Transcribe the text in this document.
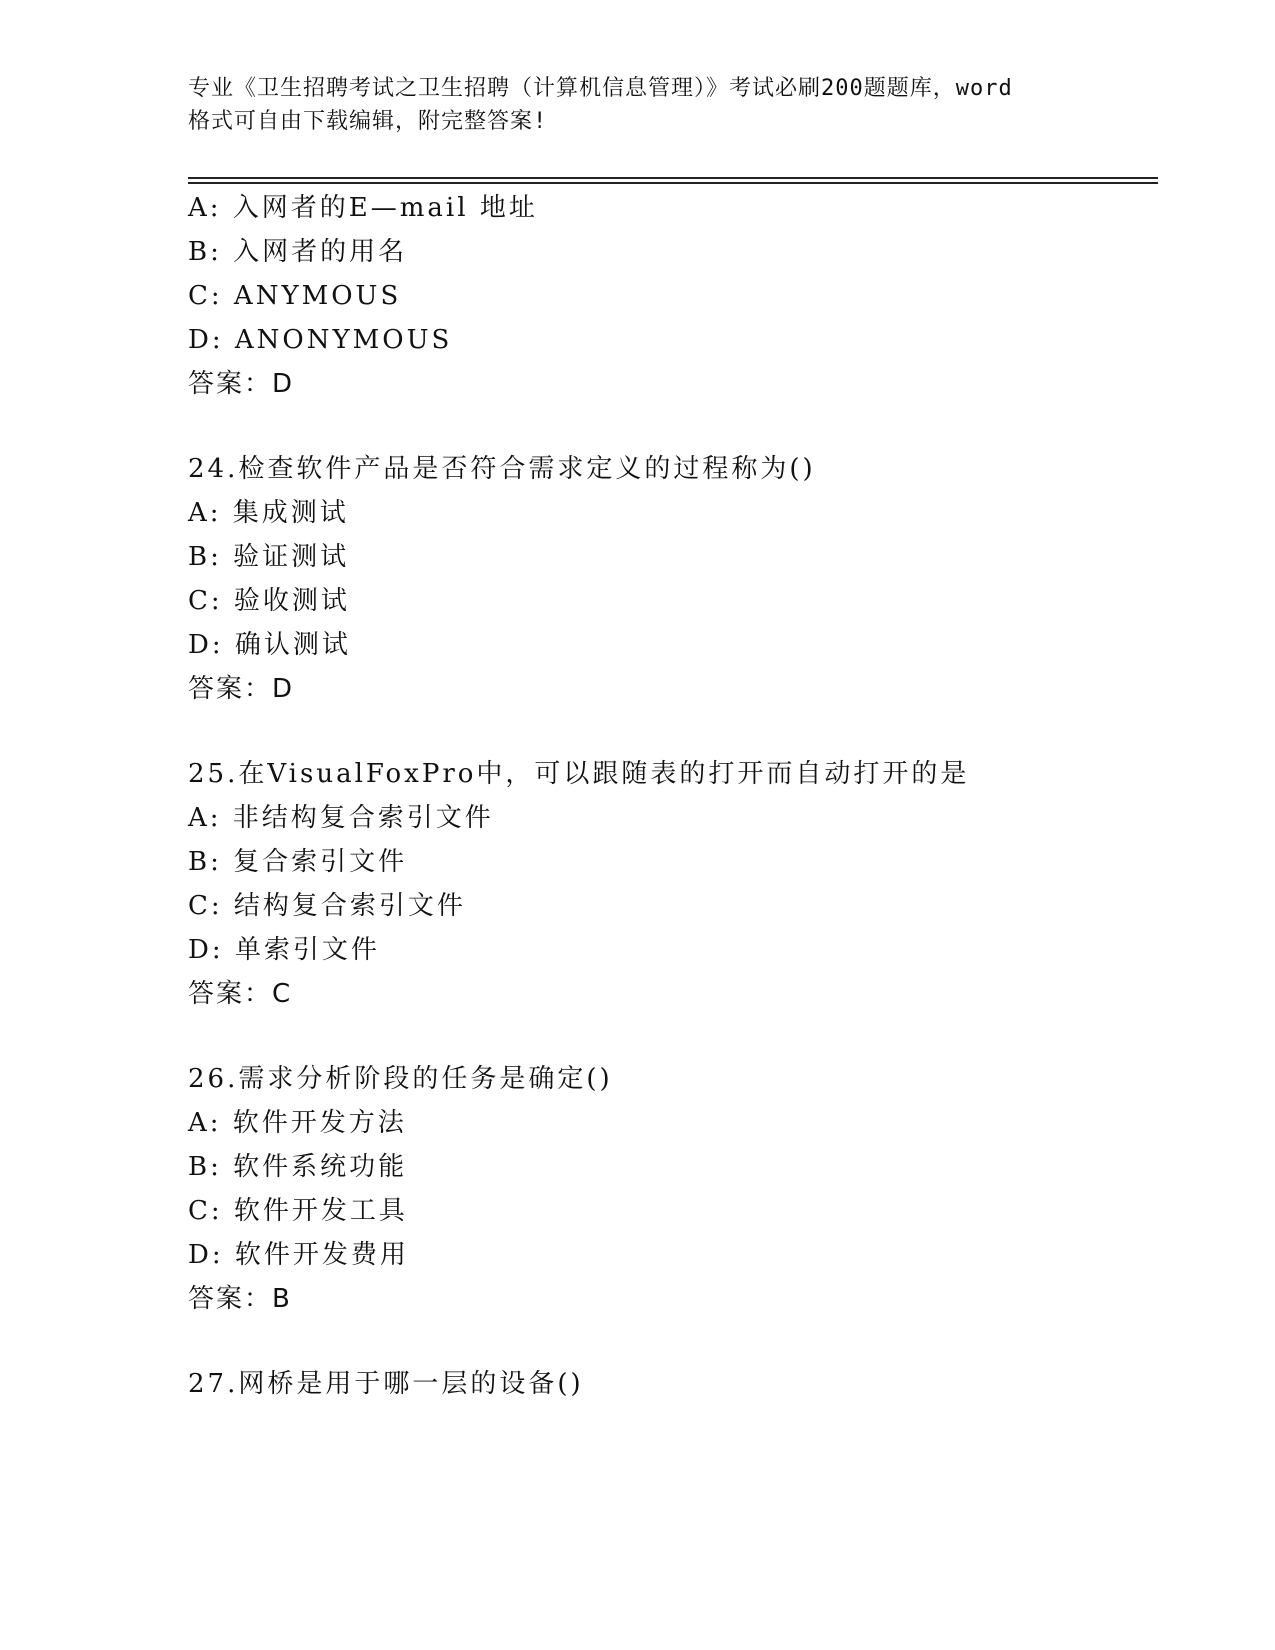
专业《卫生招聘考试之卫生招聘（计算机信息管理）》考试必刷200题题库，word
格式可自由下载编辑，附完整答案!
A: 入网者的E—mail 地址
B: 入网者的用名
C: ANYMOUS
D: ANONYMOUS
答案：D
24.检查软件产品是否符合需求定义的过程称为()
A: 集成测试
B: 验证测试
C: 验收测试
D: 确认测试
答案：D
25.在VisualFoxPro中，可以跟随表的打开而自动打开的是
A: 非结构复合索引文件
B: 复合索引文件
C: 结构复合索引文件
D: 单索引文件
答案：C
26.需求分析阶段的任务是确定()
A: 软件开发方法
B: 软件系统功能
C: 软件开发工具
D: 软件开发费用
答案：B
27.网桥是用于哪一层的设备()
